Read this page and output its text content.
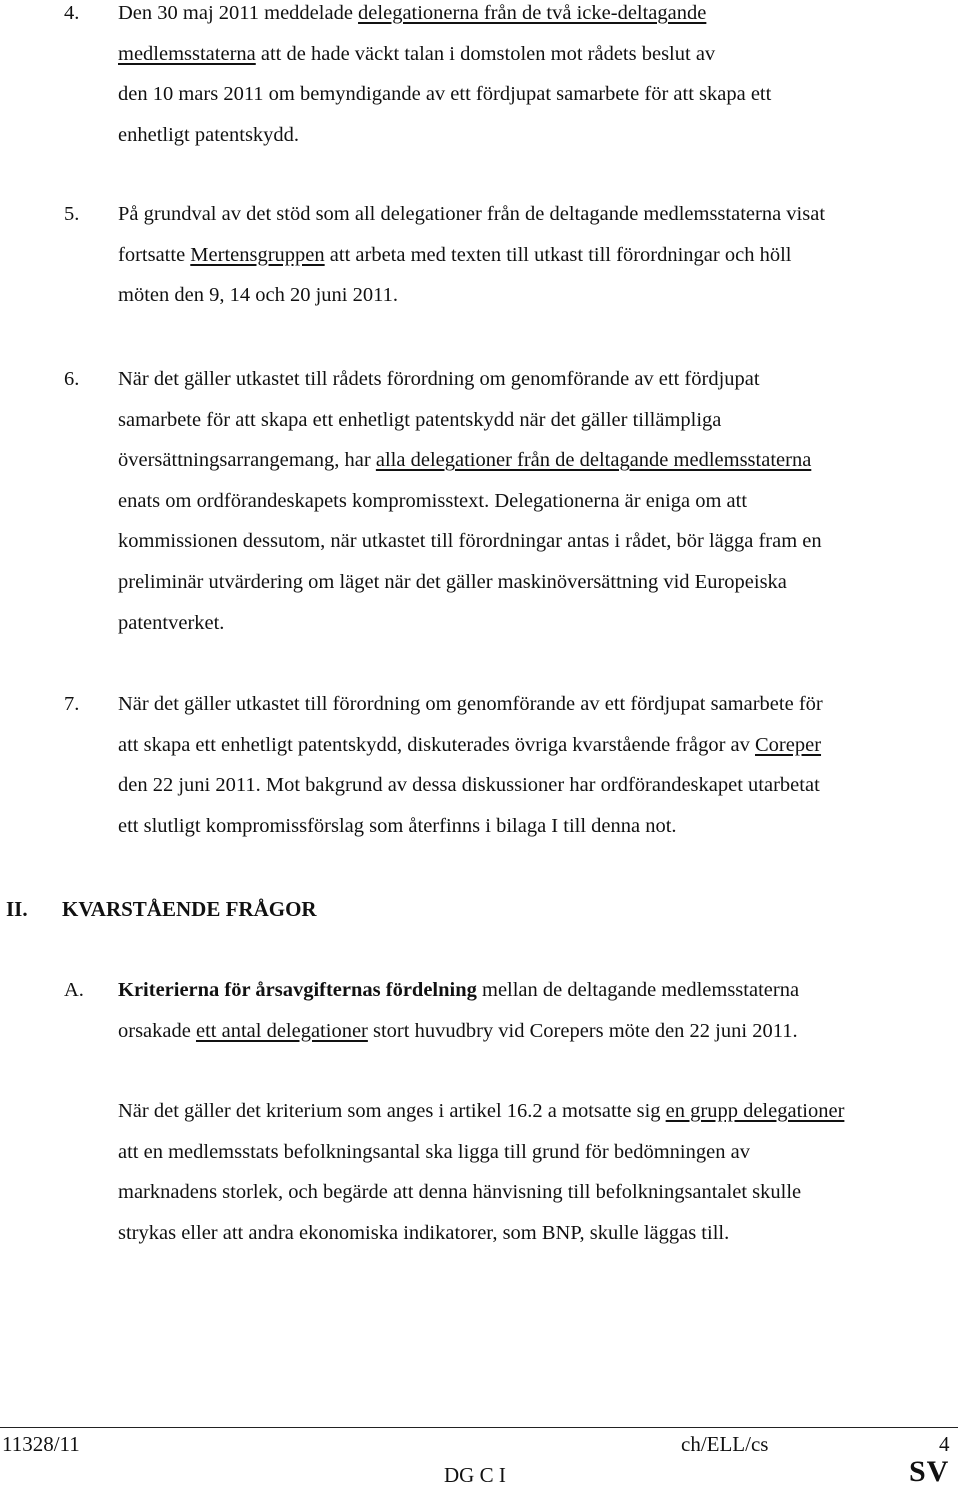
4. Den 30 maj 2011 meddelade delegationerna från de två icke-deltagande
medlemsstaterna att de hade väckt talan i domstolen mot rådets beslut av
den 10 mars 2011 om bemyndigande av ett fördjupat samarbete för att skapa ett
enhetligt patentskydd.
5. På grundval av det stöd som all delegationer från de deltagande medlemsstaterna visat
fortsatte Mertensgruppen att arbeta med texten till utkast till förordningar och höll
möten den 9, 14 och 20 juni 2011.
6. När det gäller utkastet till rådets förordning om genomförande av ett fördjupat
samarbete för att skapa ett enhetligt patentskydd när det gäller tillämpliga
översättningsarrangemang, har alla delegationer från de deltagande medlemsstaterna
enats om ordförandeskapets kompromisstext. Delegationerna är eniga om att
kommissionen dessutom, när utkastet till förordningar antas i rådet, bör lägga fram en
preliminär utvärdering om läget när det gäller maskinöversättning vid Europeiska
patentverket.
7. När det gäller utkastet till förordning om genomförande av ett fördjupat samarbete för
att skapa ett enhetligt patentskydd, diskuterades övriga kvarstående frågor av Coreper
den 22 juni 2011. Mot bakgrund av dessa diskussioner har ordförandeskapet utarbetat
ett slutligt kompromissförslag som återfinns i bilaga I till denna not.
II. KVARSTÅENDE FRÅGOR
A. Kriterierna för årsavgifternas fördelning mellan de deltagande medlemsstaterna
orsakade ett antal delegationer stort huvudbry vid Corepers möte den 22 juni 2011.
När det gäller det kriterium som anges i artikel 16.2 a motsatte sig en grupp delegationer
att en medlemsstats befolkningsantal ska ligga till grund för bedömningen av
marknadens storlek, och begärde att denna hänvisning till befolkningsantalet skulle
strykas eller att andra ekonomiska indikatorer, som BNP, skulle läggas till.
11328/11	ch/ELL/cs	4
DG C I	SV
